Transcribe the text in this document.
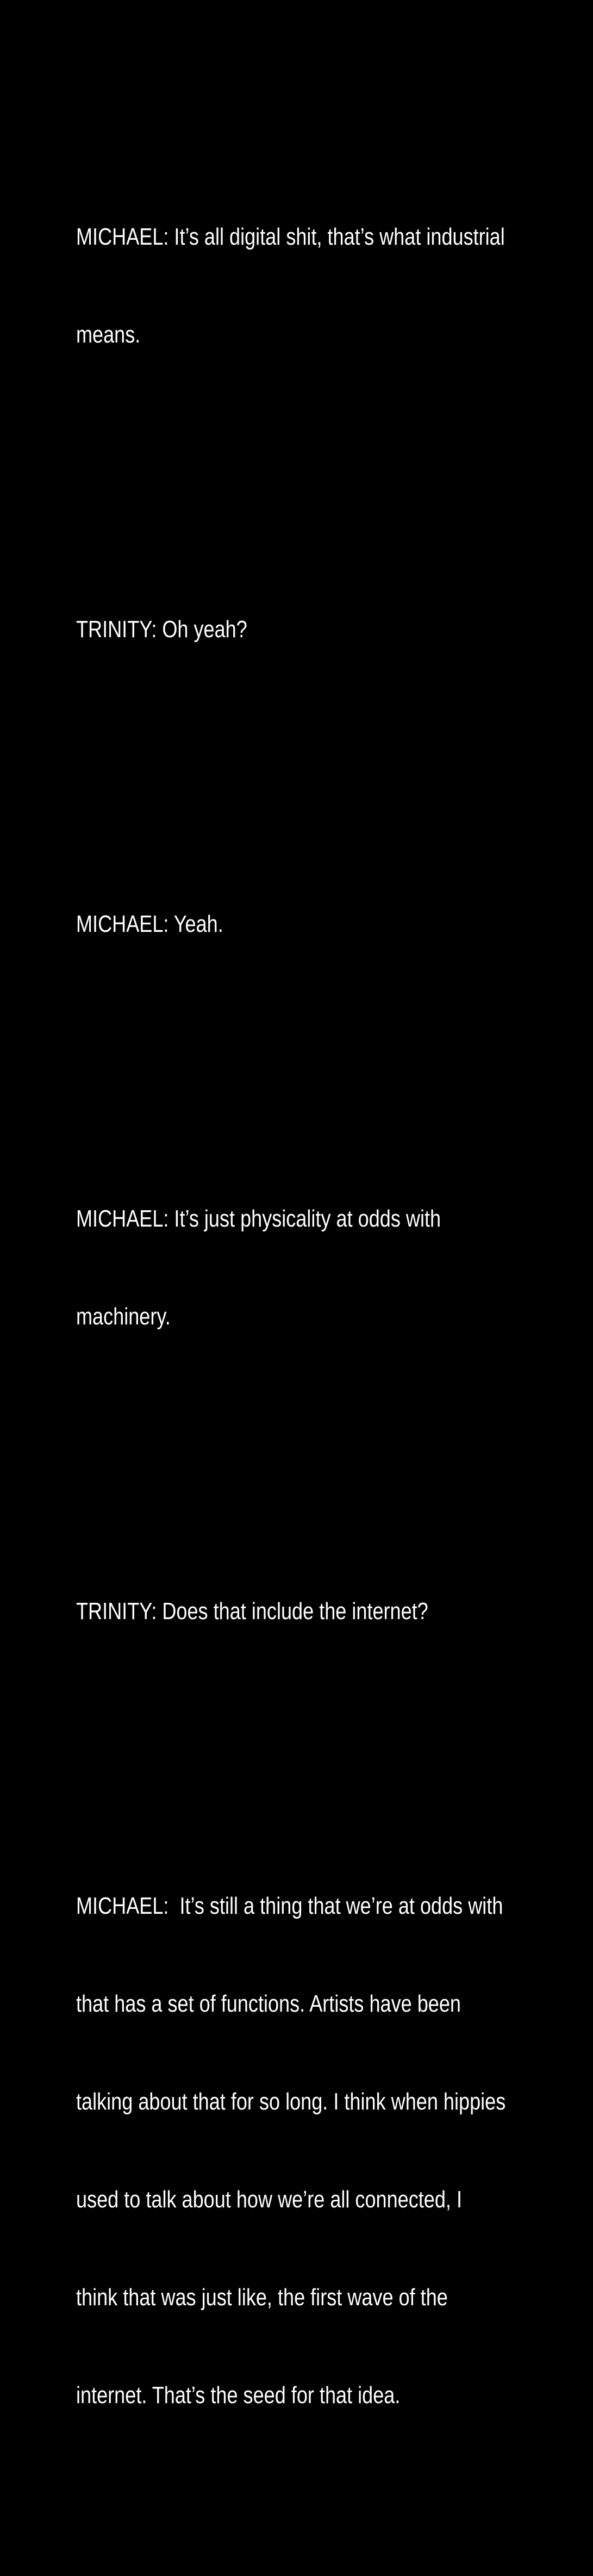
MICHAEL: It’s all digital shit, that’s what industrial

means.

TRINITY: Oh yeah?

MICHAEL: Yeah.

MICHAEL: It’s just physicality at odds with

machinery.

TRINITY: Does that include the internet?

MICHAEL:  It’s still a thing that we’re at odds with

that has a set of functions. Artists have been

talking about that for so long. I think when hippies

used to talk about how we’re all connected, I

think that was just like, the first wave of the

internet. That’s the seed for that idea.
